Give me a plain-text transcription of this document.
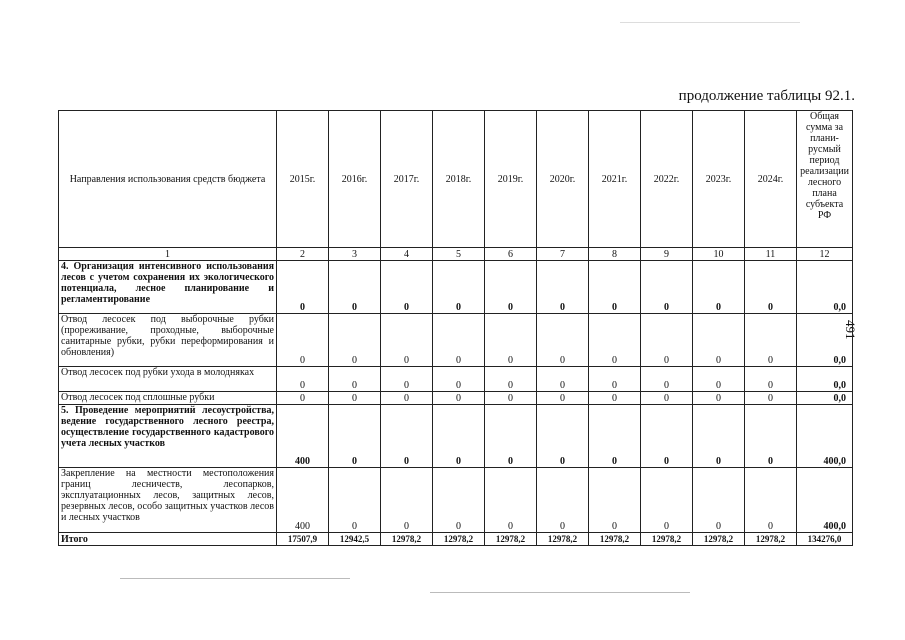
продолжение таблицы 92.1.
491
Направления использования средств бюджета	2015г.	2016г.	2017г.	2018г.	2019г.	2020г.	2021г.	2022г.	2023г.	2024г.	Общая сумма за плани-русмый период реализации лесного плана субъекта РФ
1	2	3	4	5	6	7	8	9	10	11	12
4. Организация интенсивного использования лесов с учетом сохранения их экологического потенциала, лесное планирование и регламентирование	0	0	0	0	0	0	0	0	0	0	0,0
Отвод лесосек под выборочные рубки (прореживание, проходные, выборочные санитарные рубки, рубки переформирования и обновления)	0	0	0	0	0	0	0	0	0	0	0,0
Отвод лесосек под рубки ухода в молодняках	0	0	0	0	0	0	0	0	0	0	0,0
Отвод лесосек под сплошные рубки	0	0	0	0	0	0	0	0	0	0	0,0
5. Проведение мероприятий лесоустройства, ведение государственного лесного реестра, осуществление государственного кадастрового учета лесных участков	400	0	0	0	0	0	0	0	0	0	400,0
Закрепление на местности местоположения границ лесничеств, лесопарков, эксплуатационных лесов, защитных лесов, резервных лесов, особо защитных участков лесов и лесных участков	400	0	0	0	0	0	0	0	0	0	400,0
Итого	17507,9	12942,5	12978,2	12978,2	12978,2	12978,2	12978,2	12978,2	12978,2	12978,2	134276,0
